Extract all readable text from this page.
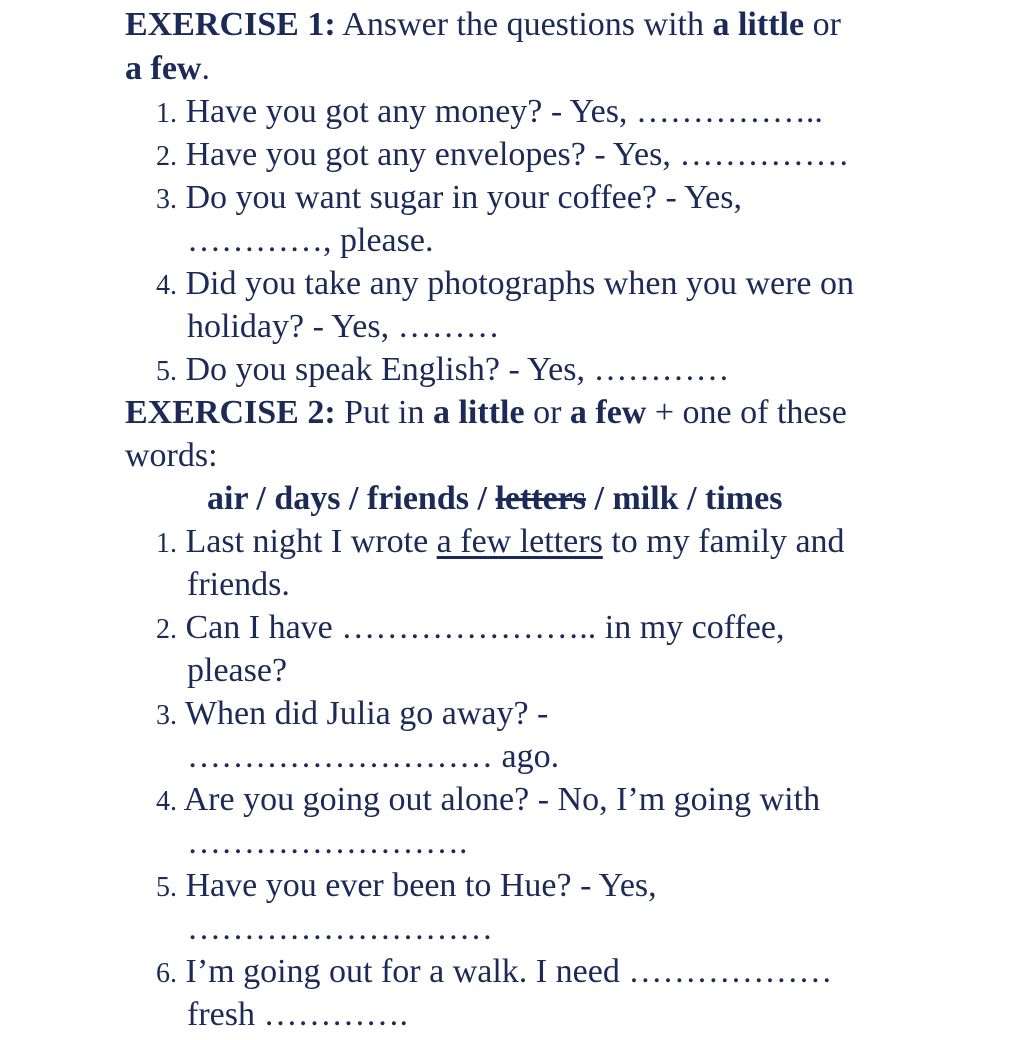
EXERCISE 1: Answer the questions with a little or

a few.

1. Have you got any money? - Yes, ……………..

2. Have you got any envelopes? - Yes, ……………

3. Do you want sugar in your coffee? - Yes,

…………, please.

4. Did you take any photographs when you were on

holiday? - Yes, ………

5. Do you speak English? - Yes, …………

EXERCISE 2: Put in a little or a few + one of these

words:

air / days / friends / letters / milk / times

1. Last night I wrote a few letters to my family and

friends.

2. Can I have ………………….. in my coffee,

please?

3. When did Julia go away? -

……………………… ago.

4. Are you going out alone? - No, I’m going with

…………………….

5. Have you ever been to Hue? - Yes,

………………………

6. I’m going out for a walk. I need ………………

fresh ………….
